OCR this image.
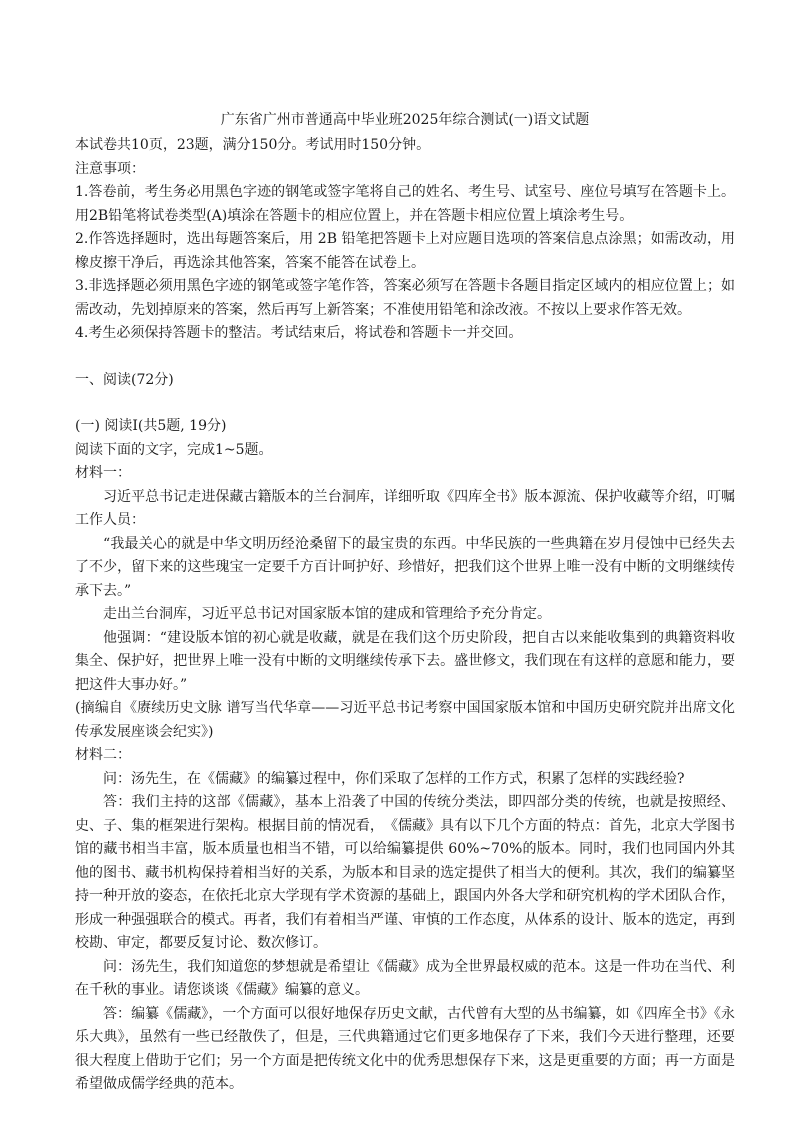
广东省广州市普通高中毕业班2025年综合测试(一)语文试题

本试卷共10页，23题，满分150分。考试用时150分钟。

注意事项：

1.答卷前，考生务必用黑色字迹的钢笔或签字笔将自己的姓名、考生号、试室号、座位号填写在答题卡上。用2B铅笔将试卷类型(A)填涂在答题卡的相应位置上，并在答题卡相应位置上填涂考生号。

2.作答选择题时，选出每题答案后，用 2B 铅笔把答题卡上对应题目选项的答案信息点涂黑；如需改动，用橡皮擦干净后，再选涂其他答案，答案不能答在试卷上。

3.非选择题必须用黑色字迹的钢笔或签字笔作答，答案必须写在答题卡各题目指定区域内的相应位置上；如需改动，先划掉原来的答案，然后再写上新答案；不准使用铅笔和涂改液。不按以上要求作答无效。

4.考生必须保持答题卡的整洁。考试结束后，将试卷和答题卡一并交回。

一、阅读(72分)

(一) 阅读Ⅰ(共5题, 19分)

阅读下面的文字，完成1~5题。

材料一：

习近平总书记走进保藏古籍版本的兰台洞库，详细听取《四库全书》版本源流、保护收藏等介绍，叮嘱工作人员：

“我最关心的就是中华文明历经沧桑留下的最宝贵的东西。中华民族的一些典籍在岁月侵蚀中已经失去了不少，留下来的这些瑰宝一定要千方百计呵护好、珍惜好，把我们这个世界上唯一没有中断的文明继续传承下去。”

走出兰台洞库，习近平总书记对国家版本馆的建成和管理给予充分肯定。

他强调：“建设版本馆的初心就是收藏，就是在我们这个历史阶段，把自古以来能收集到的典籍资料收集全、保护好，把世界上唯一没有中断的文明继续传承下去。盛世修文，我们现在有这样的意愿和能力，要把这件大事办好。”

(摘编自《赓续历史文脉 谱写当代华章——习近平总书记考察中国国家版本馆和中国历史研究院并出席文化传承发展座谈会纪实》)

材料二：

问：汤先生，在《儒藏》的编纂过程中，你们采取了怎样的工作方式，积累了怎样的实践经验?

答：我们主持的这部《儒藏》，基本上沿袭了中国的传统分类法，即四部分类的传统，也就是按照经、史、子、集的框架进行架构。根据目前的情况看，　《儒藏》具有以下几个方面的特点：首先，北京大学图书馆的藏书相当丰富，版本质量也相当不错，可以给编纂提供 60%~70%的版本。同时，我们也同国内外其他的图书、藏书机构保持着相当好的关系，为版本和目录的选定提供了相当大的便利。其次，我们的编纂坚持一种开放的姿态，在依托北京大学现有学术资源的基础上，跟国内外各大学和研究机构的学术团队合作，形成一种强强联合的模式。再者，我们有着相当严谨、审慎的工作态度，从体系的设计、版本的选定，再到校勘、审定，都要反复讨论、数次修订。

问：汤先生，我们知道您的梦想就是希望让《儒藏》成为全世界最权威的范本。这是一件功在当代、利在千秋的事业。请您谈谈《儒藏》编纂的意义。

答：编纂《儒藏》，一个方面可以很好地保存历史文献，古代曾有大型的丛书编纂，如《四库全书》《永乐大典》，虽然有一些已经散佚了，但是，三代典籍通过它们更多地保存了下来，我们今天进行整理，还要很大程度上借助于它们；另一个方面是把传统文化中的优秀思想保存下来，这是更重要的方面；再一方面是希望做成儒学经典的范本。
